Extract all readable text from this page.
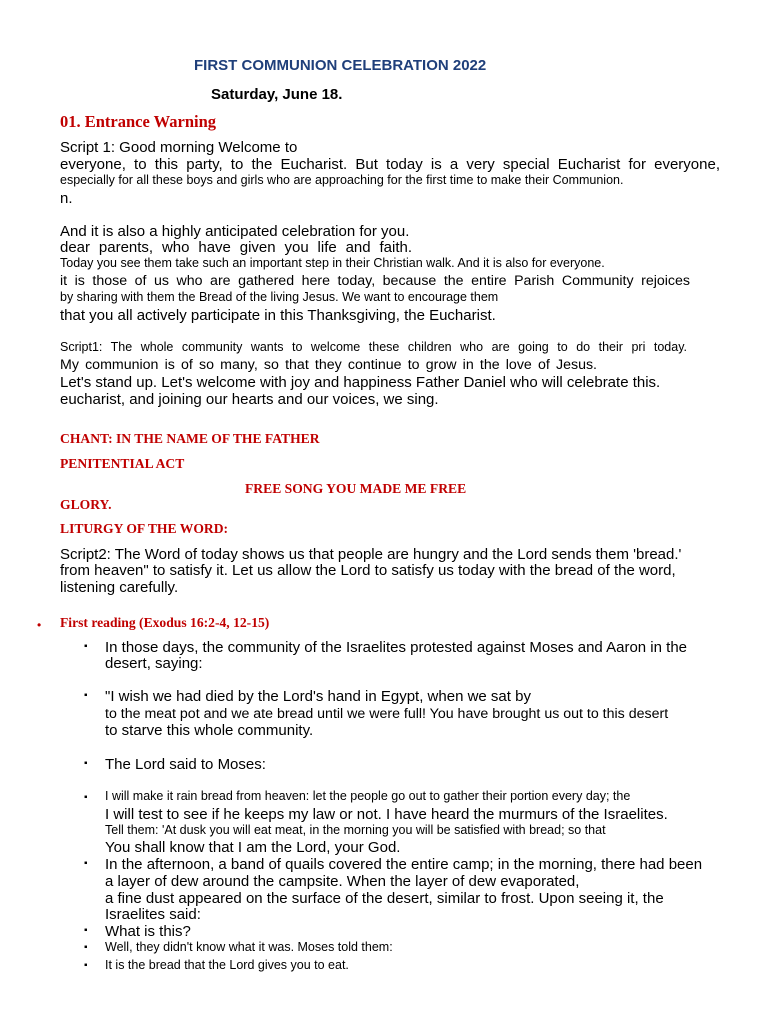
FIRST COMMUNION CELEBRATION 2022
Saturday, June 18.
01. Entrance Warning
Script 1: Good morning Welcome to
everyone, to this party, to the Eucharist. But today is a very special Eucharist for everyone,
especially for all these boys and girls who are approaching for the first time to make their Communion.
n.
And it is also a highly anticipated celebration for you.
dear parents, who have given you life and faith.
Today you see them take such an important step in their Christian walk. And it is also for everyone.
it is those of us who are gathered here today, because the entire Parish Community rejoices
by sharing with them the Bread of the living Jesus. We want to encourage them
that you all actively participate in this Thanksgiving, the Eucharist.
Script1: The whole community wants to welcome these children who are going to do their pri today.
My communion is of so many, so that they continue to grow in the love of Jesus.
Let's stand up. Let's welcome with joy and happiness Father Daniel who will celebrate this.
eucharist, and joining our hearts and our voices, we sing.
CHANT: IN THE NAME OF THE FATHER
PENITENTIAL ACT
FREE SONG YOU MADE ME FREE
GLORY.
LITURGY OF THE WORD:
Script2: The Word of today shows us that people are hungry and the Lord sends them 'bread.'
from heaven" to satisfy it. Let us allow the Lord to satisfy us today with the bread of the word,
listening carefully.
• First reading (Exodus 16:2-4, 12-15)
▪ In those days, the community of the Israelites protested against Moses and Aaron in the
desert, saying:
▪ "I wish we had died by the Lord's hand in Egypt, when we sat by
to the meat pot and we ate bread until we were full! You have brought us out to this desert
to starve this whole community.
▪ The Lord said to Moses:
▪ I will make it rain bread from heaven: let the people go out to gather their portion every day; the
I will test to see if he keeps my law or not. I have heard the murmurs of the Israelites.
Tell them: 'At dusk you will eat meat, in the morning you will be satisfied with bread; so that
You shall know that I am the Lord, your God.
▪ In the afternoon, a band of quails covered the entire camp; in the morning, there had been
a layer of dew around the campsite. When the layer of dew evaporated,
a fine dust appeared on the surface of the desert, similar to frost. Upon seeing it, the
Israelites said:
▪ What is this?
▪ Well, they didn't know what it was. Moses told them:
▪ It is the bread that the Lord gives you to eat.
